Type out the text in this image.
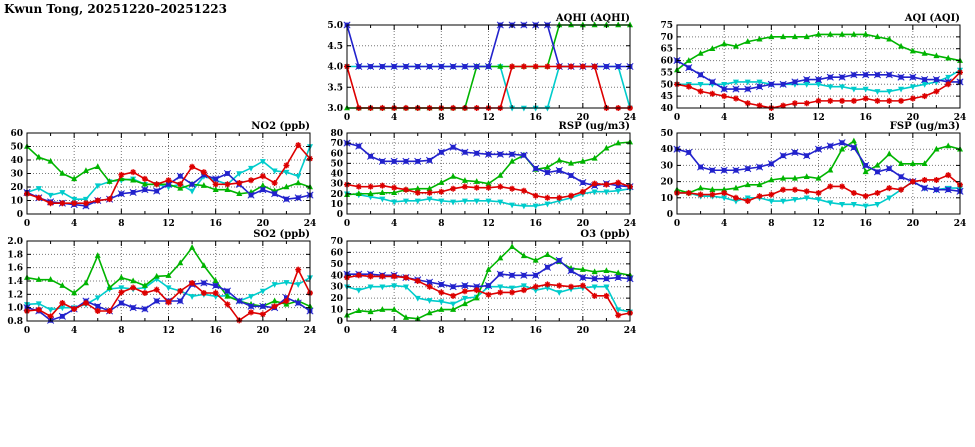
Kwun Tong, 20251220–20251223
AQHI (AQHI)
3.0
3.5
4.0
4.5
5.0
0	4	8	12	16	20	24
AQI (AQI)
40
45
50
55
60
65
70
75
0	4	8	12	16	20	24
NO2 (ppb)
0
10
20
30
40
50
60
0	4	8	12	16	20	24
RSP (ug/m3)
0
10
20
30
40
50
60
70
80
0	4	8	12	16	20	24
FSP (ug/m3)
0
10
20
30
40
50
0	4	8	12	16	20	24
SO2 (ppb)
0.8
1.0
1.2
1.4
1.6
1.8
2.0
0	4	8	12	16	20	24
O3 (ppb)
0
10
20
30
40
50
60
70
0	4	8	12	16	20	24
